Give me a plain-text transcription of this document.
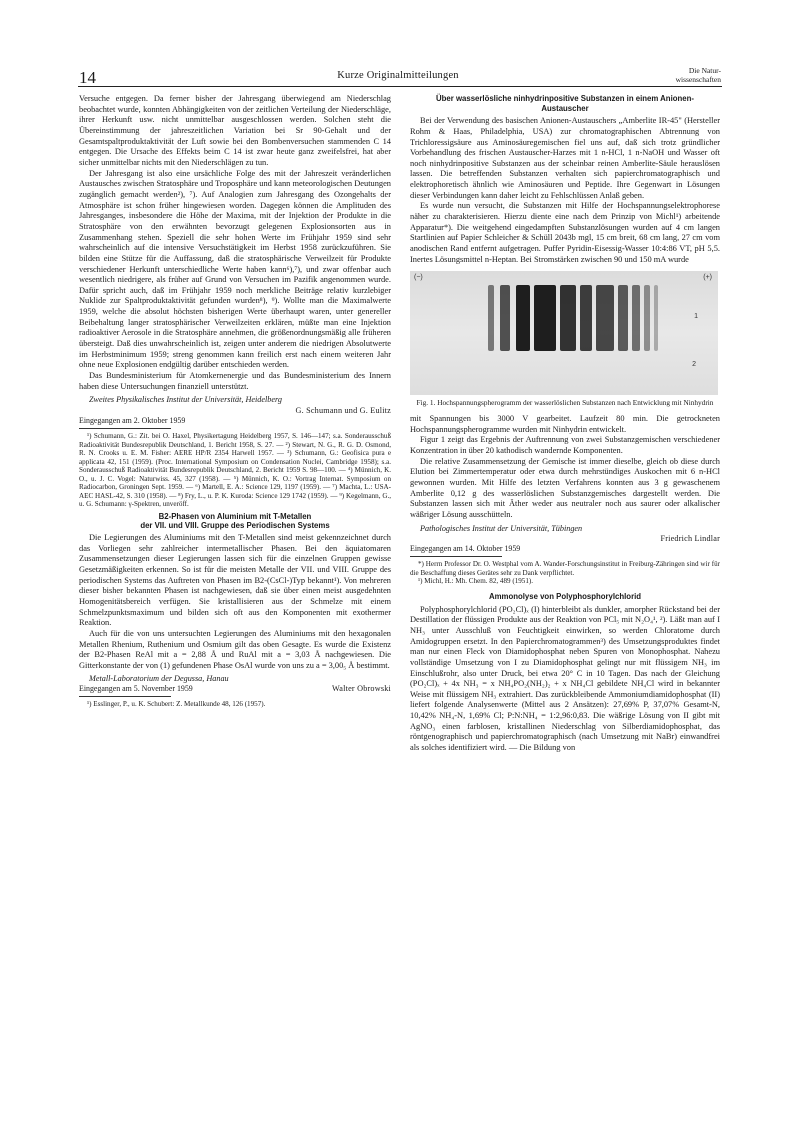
14	Kurze Originalmitteilungen	Die Natur-
wissenschaften

Versuche entgegen. Da ferner bisher der Jahresgang überwiegend am Niederschlag beobachtet wurde, konnten Abhängigkeiten von der zeitlichen Verteilung der Niederschläge, ihrer Herkunft usw. nicht unmittelbar ausgeschlossen werden. Solchen steht die Übereinstimmung der jahreszeitlichen Variation bei Sr 90-Gehalt und der Gesamtspaltproduktaktivität der Luft sowie bei den Bombenversuchen stammenden C 14 entgegen. Die Ursache des Effekts beim C 14 ist zwar heute ganz zweifelsfrei, hat aber sicher unmittelbar nichts mit den Niederschlägen zu tun.

Der Jahresgang ist also eine ursächliche Folge des mit der Jahreszeit veränderlichen Austausches zwischen Stratosphäre und Troposphäre und kann meteorologischen Deutungen zugänglich gemacht werden²), ⁷). Auf Analogien zum Jahresgang des Ozongehalts der Atmosphäre ist schon früher hingewiesen worden. Dagegen können die Amplituden des Jahresganges, insbesondere die Höhe der Maxima, mit der Injektion der Produkte in die Stratosphäre von den erwähnten bevorzugt gelegenen Explosionsorten aus in Zusammenhang stehen. Speziell die sehr hohen Werte im Frühjahr 1959 sind sehr wahrscheinlich auf die intensive Versuchstätigkeit im Herbst 1958 zurückzuführen. Sie bilden eine Stütze für die Auffassung, daß die stratosphärische Verweilzeit für Produkte verschiedener Herkunft unterschiedliche Werte haben kann⁶),⁷), und zwar offenbar auch wesentlich niedrigere, als früher auf Grund von Versuchen im Pazifik angenommen wurde. Dafür spricht auch, daß im Frühjahr 1959 noch merkliche Beiträge relativ kurzlebiger Nuklide zur Spaltproduktaktivität gefunden wurden⁸), ⁹). Wollte man die Maximalwerte 1959, welche die absolut höchsten bisherigen Werte überhaupt waren, unter genereller Beibehaltung langer stratosphärischer Verweilzeiten erklären, müßte man eine Injektion radioaktiver Aerosole in die Stratosphäre annehmen, die größenordnungsmäßig alle früheren übersteigt. Daß dies unwahrscheinlich ist, zeigen unter anderem die niedrigen Absolutwerte im Herbstminimum 1959; streng genommen kann freilich erst nach einem weiteren Jahr ohne neue Explosionen endgültig darüber entschieden werden.

Das Bundesministerium für Atomkernenergie und das Bundesministerium des Innern haben diese Untersuchungen finanziell unterstützt.

Zweites Physikalisches Institut der Universität, Heidelberg

G. Schumann und G. Eulitz

Eingegangen am 2. Oktober 1959

¹) Schumann, G.: Zit. bei O. Haxel, Physikertagung Heidelberg 1957, S. 146—147; s.a. Sonderausschuß Radioaktivität Bundesrepublik Deutschland, 1. Bericht 1958, S. 27. — ²) Stewart, N. G., R. G. D. Osmond, R. N. Crooks u. E. M. Fisher: AERE HP/R 2354 Harwell 1957. — ³) Schumann, G.: Geofisica pura e applicata 42, 151 (1959). (Proc. International Symposium on Condensation Nuclei, Cambridge 1958); s.a. Sonderausschuß Radioaktivität Bundesrepublik Deutschland, 2. Bericht 1959 S. 98—100. — ⁴) Münnich, K. O., u. J. C. Vogel: Naturwiss. 45, 327 (1958). — ⁵) Münnich, K. O.: Vortrag Internat. Symposium on Radiocarbon, Groningen Sept. 1959. — ⁶) Martell, E. A.: Science 129, 1197 (1959). — ⁷) Machta, L.: USA-AEC HASL-42, S. 310 (1958). — ⁸) Fry, L., u. P. K. Kuroda: Science 129 1742 (1959). — ⁹) Kegelmann, G., u. G. Schumann: γ-Spektren, unveröff.

B2-Phasen von Aluminium mit T-Metallen
der VII. und VIII. Gruppe des Periodischen Systems

Die Legierungen des Aluminiums mit den T-Metallen sind meist gekennzeichnet durch das Vorliegen sehr zahlreicher intermetallischer Phasen. Bei den äquiatomaren Zusammensetzungen dieser Legierungen lassen sich für die einzelnen Gruppen gewisse Gesetzmäßigkeiten erkennen. So ist für die meisten Metalle der VII. und VIII. Gruppe des periodischen Systems das Auftreten von Phasen im B2-(CsCl-)Typ bekannt¹). Von mehreren dieser bisher bekannten Phasen ist nachgewiesen, daß sie über einen meist ausgedehnten Homogenitätsbereich verfügen. Sie kristallisieren aus der Schmelze mit einem Schmelzpunktsmaximum und bilden sich oft aus den Komponenten mit exothermer Reaktion.

Auch für die von uns untersuchten Legierungen des Aluminiums mit den hexagonalen Metallen Rhenium, Ruthenium und Osmium gilt das oben Gesagte. Es wurde die Existenz der B2-Phasen ReAl mit a = 2,88 Å und RuAl mit a = 3,03 Å nachgewiesen. Die Gitterkonstante der von (1) gefundenen Phase OsAl wurde von uns zu a = 3,00₅ Å bestimmt.

Metall-Laboratorium der Degussa, Hanau

Eingegangen am 5. November 1959	Walter Obrowski

¹) Esslinger, P., u. K. Schubert: Z. Metallkunde 48, 126 (1957).

Über wasserlösliche ninhydrinpositive Substanzen in einem Anionen-
Austauscher

Bei der Verwendung des basischen Anionen-Austauschers „Amberlite IR-45" (Hersteller Rohm & Haas, Philadelphia, USA) zur chromatographischen Abtrennung von Trichloressigsäure aus Aminosäuregemischen fiel uns auf, daß sich trotz gründlicher Vorbehandlung des frischen Austauscher-Harzes mit 1 n-HCl, 1 n-NaOH und Wasser oft noch ninhydrinpositive Substanzen aus der scheinbar reinen Amberlite-Säule herauslösen lassen. Die betreffenden Substanzen verhalten sich papierchromatographisch und elektrophoretisch ähnlich wie Aminosäuren und Peptide. Ihre Gegenwart in Lösungen dieser Verbindungen kann daher leicht zu Fehlschlüssen Anlaß geben.

Es wurde nun versucht, die Substanzen mit Hilfe der Hochspannungselektrophorese näher zu charakterisieren. Hierzu diente eine nach dem Prinzip von Michl¹) arbeitende Apparatur*). Die weitgehend eingedampften Substanzlösungen wurden auf 4 cm langen Startlinien auf Papier Schleicher & Schüll 2043b mgl, 15 cm breit, 68 cm lang, 27 cm vom anodischen Rand entfernt aufgetragen. Puffer Pyridin-Eisessig-Wasser 10:4:86 VT, pH 5,5. Inertes Lösungsmittel n-Heptan. Bei Stromstärken zwischen 90 und 150 mA wurde

(−)	(+)
1
2
Fig. 1. Hochspannungspherogramm der wasserlöslichen Substanzen nach Entwicklung mit Ninhydrin

mit Spannungen bis 3000 V gearbeitet. Laufzeit 80 min. Die getrockneten Hochspannungspherogramme wurden mit Ninhydrin entwickelt.

Figur 1 zeigt das Ergebnis der Auftrennung von zwei Substanzgemischen verschiedener Konzentration in über 20 kathodisch wandernde Komponenten.

Die relative Zusammensetzung der Gemische ist immer dieselbe, gleich ob diese durch Elution bei Zimmertemperatur oder etwa durch mehrstündiges Auskochen mit 6 n-HCl gewonnen wurden. Mit Hilfe des letzten Verfahrens konnten aus 3 g gewaschenem Amberlite 0,12 g des wasserlöslichen Substanzgemisches dargestellt werden. Die Substanzen lassen sich mit Äther weder aus neutraler noch aus saurer oder alkalischer wäßriger Lösung ausschütteln.

Pathologisches Institut der Universität, Tübingen

Friedrich Lindlar

Eingegangen am 14. Oktober 1959

*) Herrn Professor Dr. O. Westphal vom A. Wander-Forschungsinstitut in Freiburg-Zähringen sind wir für die Beschaffung dieses Gerätes sehr zu Dank verpflichtet.

¹) Michl, H.: Mh. Chem. 82, 489 (1951).

Ammonolyse von Polyphosphorylchlorid

Polyphosphorylchlorid (PO₂Cl)ₓ (I) hinterbleibt als dunkler, amorpher Rückstand bei der Destillation der flüssigen Produkte aus der Reaktion von PCl₅ mit N₂O₄¹, ²). Läßt man auf I NH₃ unter Ausschluß von Feuchtigkeit einwirken, so werden Chloratome durch Amidogruppen ersetzt. In den Papierchromatogrammen³) des Umsetzungsproduktes findet man nur einen Fleck von Diamidophosphat neben Spuren von Monophosphat. Nahezu vollständige Umsetzung von I zu Diamidophosphat gelingt nur mit flüssigem NH₃ im Einschlußrohr, also unter Druck, bei etwa 20° C in 10 Tagen. Das nach der Gleichung (PO₂Cl)ₓ + 4x NH₃ = x NH₄PO₂(NH₂)₂ + x NH₄Cl gebildete NH₄Cl wird in bekannter Weise mit flüssigem NH₃ extrahiert. Das zurückbleibende Ammoniumdiamidophosphat (II) liefert folgende Analysenwerte (Mittel aus 2 Ansätzen): 27,69% P, 37,07% Gesamt-N, 10,42% NH₄-N, 1,69% Cl; P:N:NH₄ = 1:2,96:0,83. Die wäßrige Lösung von II gibt mit AgNO₃ einen farblosen, kristallinen Niederschlag von Silberdiamidophosphat, das röntgenographisch und papierchromatographisch (nach Umsetzung mit NaBr) einwandfrei als solches identifiziert wird. — Die Bildung von
